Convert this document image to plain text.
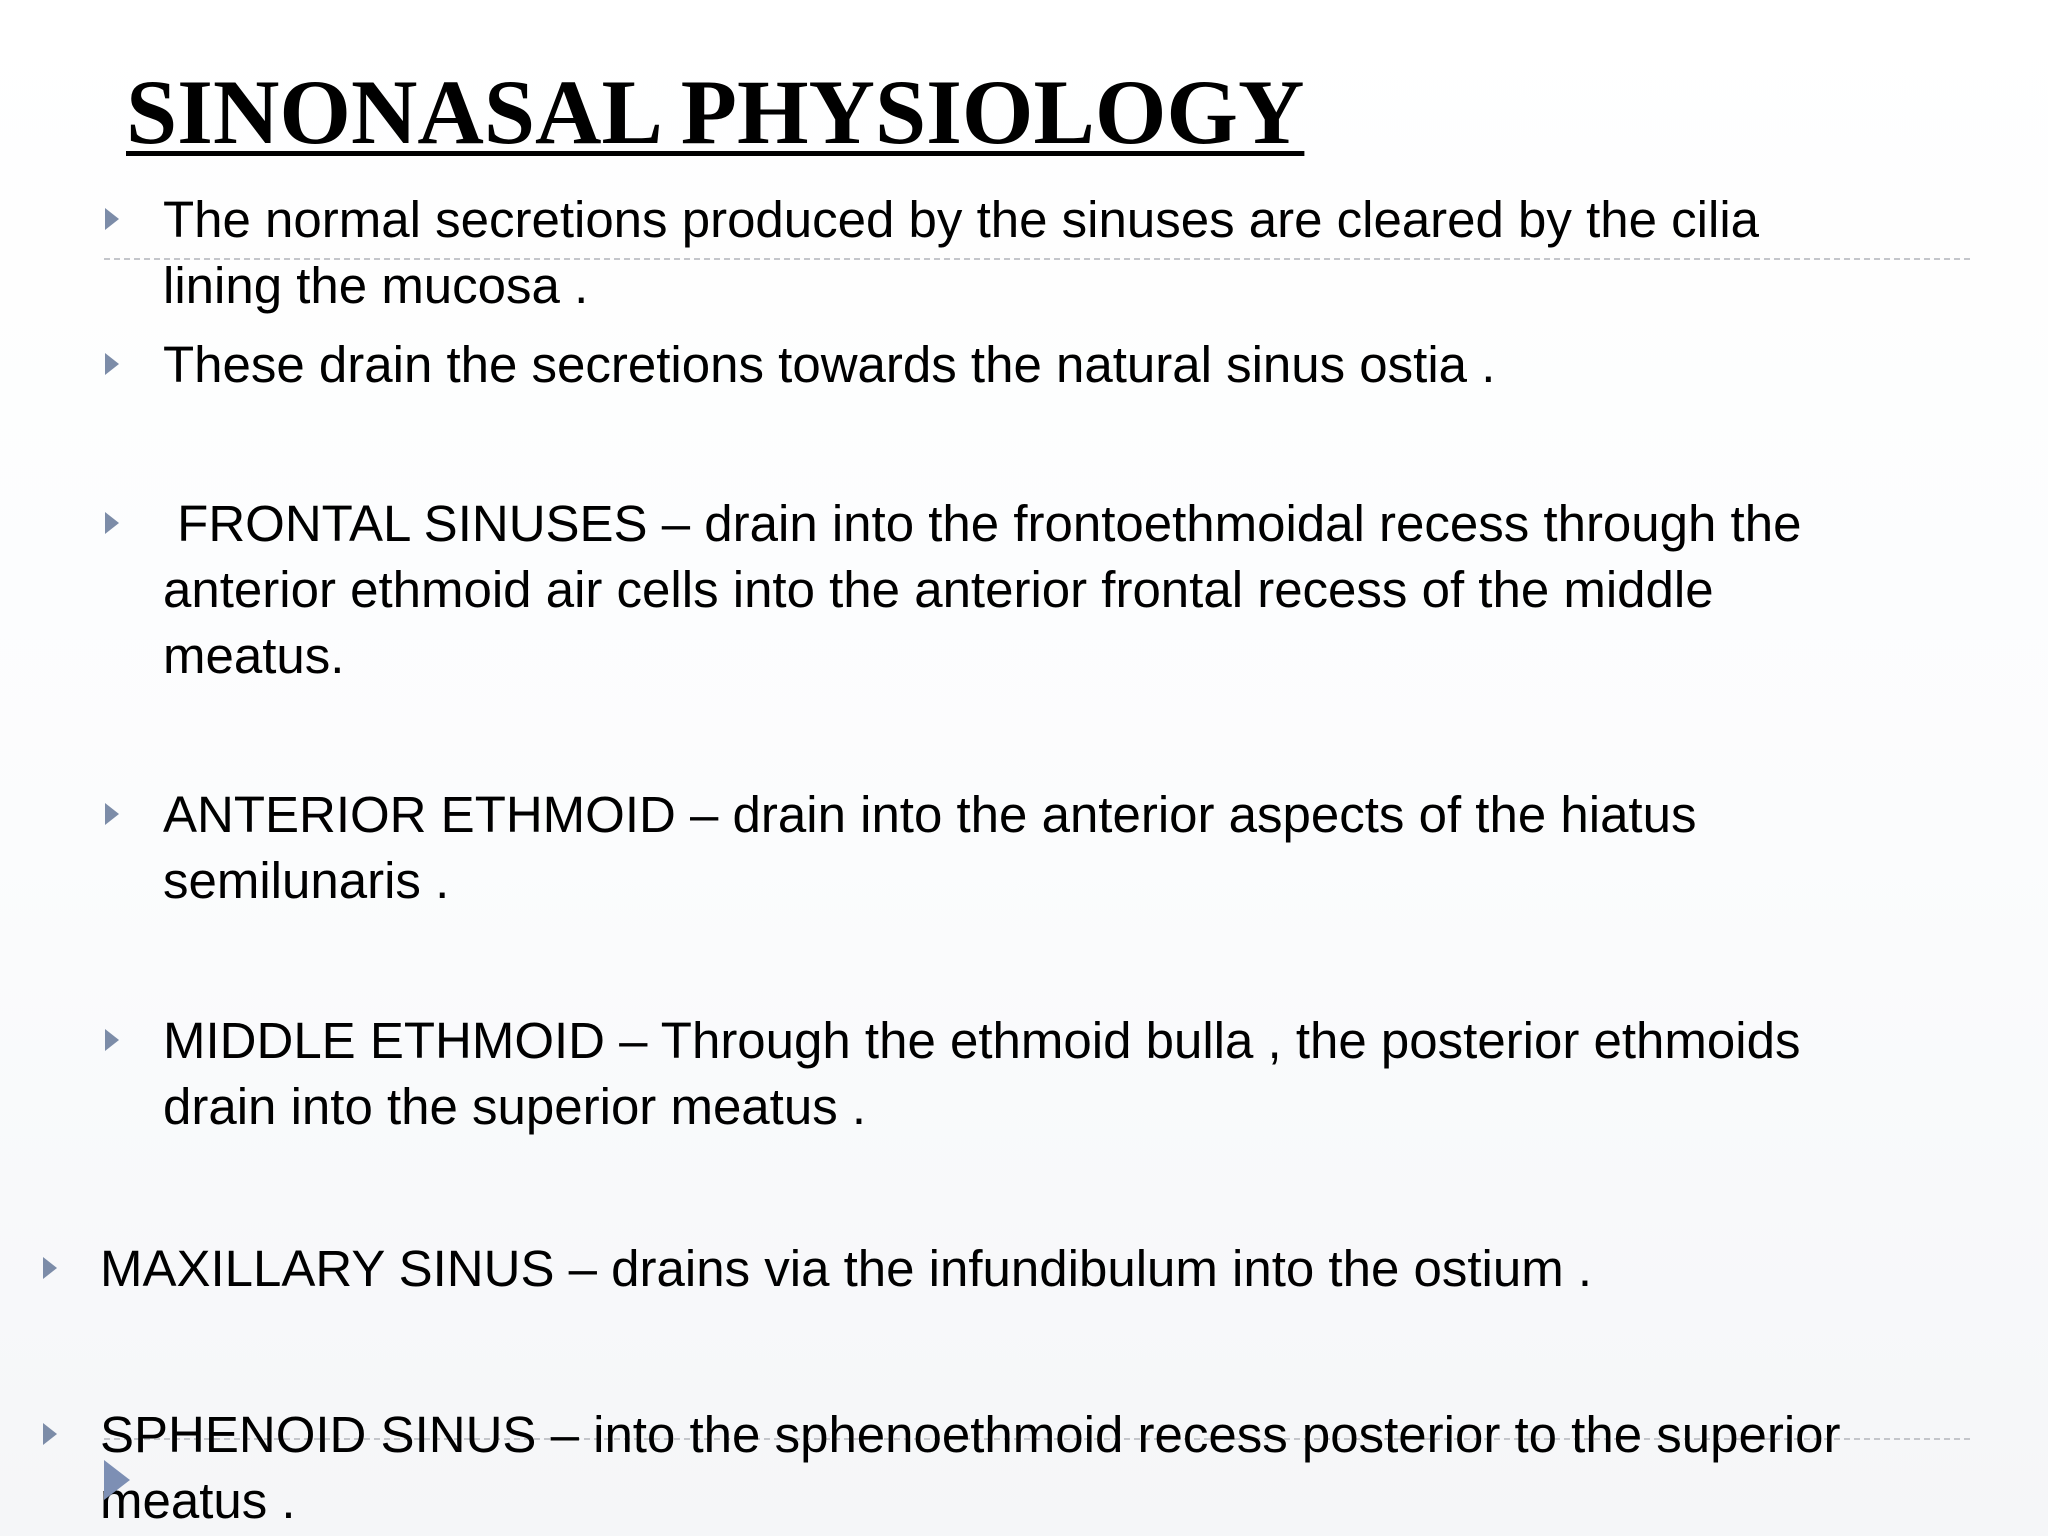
SINONASAL PHYSIOLOGY
The normal secretions produced by the sinuses are cleared by the cilia
lining the mucosa .
These drain the secretions towards the natural sinus ostia .
FRONTAL SINUSES – drain into the frontoethmoidal recess through the
anterior ethmoid air cells into the anterior frontal recess of the middle
meatus.
ANTERIOR ETHMOID – drain into the anterior aspects of the hiatus
semilunaris .
MIDDLE ETHMOID – Through the ethmoid bulla , the posterior ethmoids
drain into the superior meatus .
MAXILLARY SINUS – drains via the infundibulum into the ostium .
SPHENOID SINUS – into the sphenoethmoid recess posterior to the superior
meatus .
